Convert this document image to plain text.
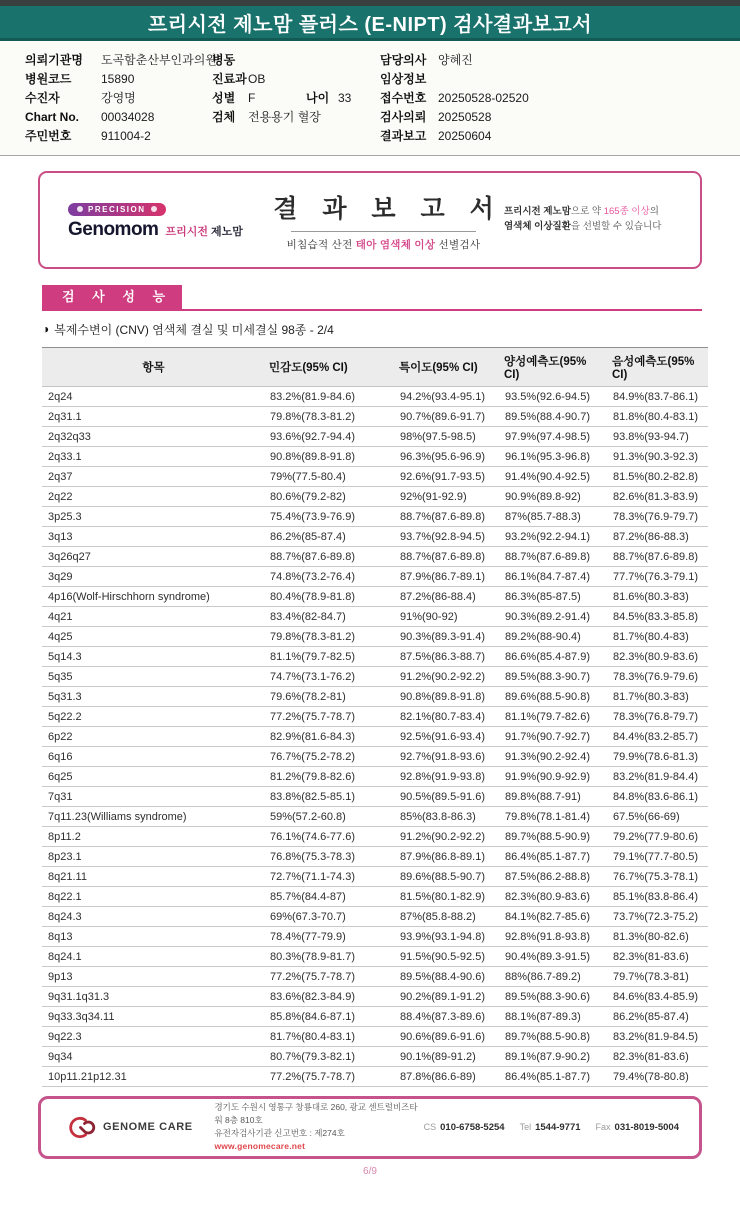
프리시전 제노맘 플러스 (E-NIPT) 검사결과보고서
의뢰기관명	도곡함춘산부인과의원
병원코드	15890
수진자	강영명
Chart No.	00034028
주민번호	911004-2
병동
진료과 OB
성별	F	나이 33
검체	전용용기 혈장
담당의사 양혜진
임상정보
접수번호 20250528-02520
검사의뢰 20250528
결과보고 20250604
PRECISION
Genomom 프리시전 제노맘
결 과 보 고 서
비침습적 산전 태아 염색체 이상 선별검사
프리시전 제노맘으로 약 165종 이상의
염색체 이상질환을 선별할 수 있습니다
검 사 성 능
◑ 복제수변이 (CNV) 염색체 결실 및 미세결실 98종 - 2/4
항목	민감도(95% CI)	특이도(95% CI)	양성예측도(95% CI)	음성예측도(95% CI)
2q24	83.2%(81.9-84.6)	94.2%(93.4-95.1)	93.5%(92.6-94.5)	84.9%(83.7-86.1)
2q31.1	79.8%(78.3-81.2)	90.7%(89.6-91.7)	89.5%(88.4-90.7)	81.8%(80.4-83.1)
2q32q33	93.6%(92.7-94.4)	98%(97.5-98.5)	97.9%(97.4-98.5)	93.8%(93-94.7)
2q33.1	90.8%(89.8-91.8)	96.3%(95.6-96.9)	96.1%(95.3-96.8)	91.3%(90.3-92.3)
2q37	79%(77.5-80.4)	92.6%(91.7-93.5)	91.4%(90.4-92.5)	81.5%(80.2-82.8)
2q22	80.6%(79.2-82)	92%(91-92.9)	90.9%(89.8-92)	82.6%(81.3-83.9)
3p25.3	75.4%(73.9-76.9)	88.7%(87.6-89.8)	87%(85.7-88.3)	78.3%(76.9-79.7)
3q13	86.2%(85-87.4)	93.7%(92.8-94.5)	93.2%(92.2-94.1)	87.2%(86-88.3)
3q26q27	88.7%(87.6-89.8)	88.7%(87.6-89.8)	88.7%(87.6-89.8)	88.7%(87.6-89.8)
3q29	74.8%(73.2-76.4)	87.9%(86.7-89.1)	86.1%(84.7-87.4)	77.7%(76.3-79.1)
4p16(Wolf-Hirschhorn syndrome)	80.4%(78.9-81.8)	87.2%(86-88.4)	86.3%(85-87.5)	81.6%(80.3-83)
4q21	83.4%(82-84.7)	91%(90-92)	90.3%(89.2-91.4)	84.5%(83.3-85.8)
4q25	79.8%(78.3-81.2)	90.3%(89.3-91.4)	89.2%(88-90.4)	81.7%(80.4-83)
5q14.3	81.1%(79.7-82.5)	87.5%(86.3-88.7)	86.6%(85.4-87.9)	82.3%(80.9-83.6)
5q35	74.7%(73.1-76.2)	91.2%(90.2-92.2)	89.5%(88.3-90.7)	78.3%(76.9-79.6)
5q31.3	79.6%(78.2-81)	90.8%(89.8-91.8)	89.6%(88.5-90.8)	81.7%(80.3-83)
5q22.2	77.2%(75.7-78.7)	82.1%(80.7-83.4)	81.1%(79.7-82.6)	78.3%(76.8-79.7)
6p22	82.9%(81.6-84.3)	92.5%(91.6-93.4)	91.7%(90.7-92.7)	84.4%(83.2-85.7)
6q16	76.7%(75.2-78.2)	92.7%(91.8-93.6)	91.3%(90.2-92.4)	79.9%(78.6-81.3)
6q25	81.2%(79.8-82.6)	92.8%(91.9-93.8)	91.9%(90.9-92.9)	83.2%(81.9-84.4)
7q31	83.8%(82.5-85.1)	90.5%(89.5-91.6)	89.8%(88.7-91)	84.8%(83.6-86.1)
7q11.23(Williams syndrome)	59%(57.2-60.8)	85%(83.8-86.3)	79.8%(78.1-81.4)	67.5%(66-69)
8p11.2	76.1%(74.6-77.6)	91.2%(90.2-92.2)	89.7%(88.5-90.9)	79.2%(77.9-80.6)
8p23.1	76.8%(75.3-78.3)	87.9%(86.8-89.1)	86.4%(85.1-87.7)	79.1%(77.7-80.5)
8q21.11	72.7%(71.1-74.3)	89.6%(88.5-90.7)	87.5%(86.2-88.8)	76.7%(75.3-78.1)
8q22.1	85.7%(84.4-87)	81.5%(80.1-82.9)	82.3%(80.9-83.6)	85.1%(83.8-86.4)
8q24.3	69%(67.3-70.7)	87%(85.8-88.2)	84.1%(82.7-85.6)	73.7%(72.3-75.2)
8q13	78.4%(77-79.9)	93.9%(93.1-94.8)	92.8%(91.8-93.8)	81.3%(80-82.6)
8q24.1	80.3%(78.9-81.7)	91.5%(90.5-92.5)	90.4%(89.3-91.5)	82.3%(81-83.6)
9p13	77.2%(75.7-78.7)	89.5%(88.4-90.6)	88%(86.7-89.2)	79.7%(78.3-81)
9q31.1q31.3	83.6%(82.3-84.9)	90.2%(89.1-91.2)	89.5%(88.3-90.6)	84.6%(83.4-85.9)
9q33.3q34.11	85.8%(84.6-87.1)	88.4%(87.3-89.6)	88.1%(87-89.3)	86.2%(85-87.4)
9q22.3	81.7%(80.4-83.1)	90.6%(89.6-91.6)	89.7%(88.5-90.8)	83.2%(81.9-84.5)
9q34	80.7%(79.3-82.1)	90.1%(89-91.2)	89.1%(87.9-90.2)	82.3%(81-83.6)
10p11.21p12.31	77.2%(75.7-78.7)	87.8%(86.6-89)	86.4%(85.1-87.7)	79.4%(78-80.8)
GENOME CARE
경기도 수원시 영통구 창룡대로 260, 광교 센트럴비즈타워 8층 810호
유전자검사기관 신고번호 : 제274호
www.genomecare.net
CS 010-6758-5254 Tel 1544-9771 Fax 031-8019-5004
6/9
